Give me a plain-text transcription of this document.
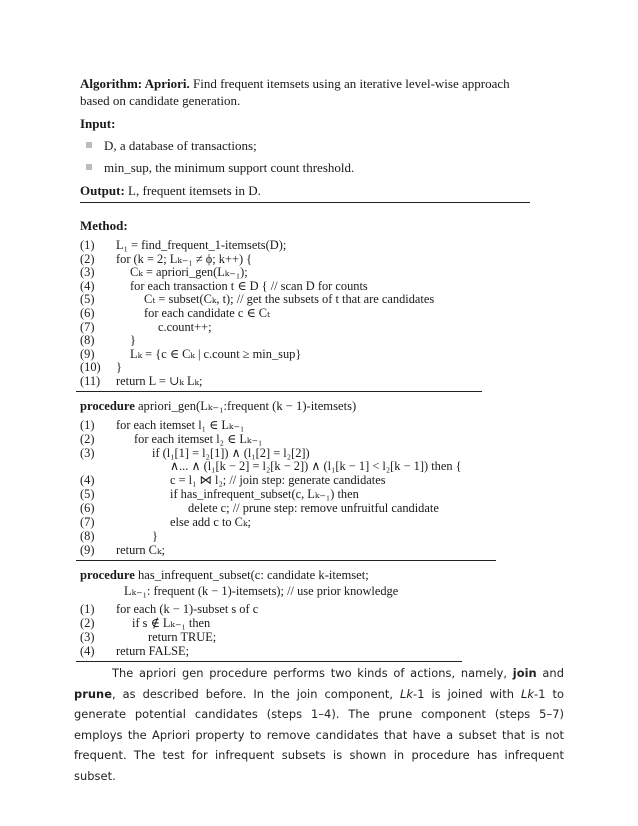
Algorithm: Apriori. Find frequent itemsets using an iterative level-wise approach based on candidate generation.
Input:
D, a database of transactions;
min_sup, the minimum support count threshold.
Output: L, frequent itemsets in D.
Method:
(1) L₁ = find_frequent_1-itemsets(D);
(2) for (k = 2; Lₖ₋₁ ≠ ϕ; k++) {
(3)	Cₖ = apriori_gen(Lₖ₋₁);
(4)	for each transaction t ∈ D { // scan D for counts
(5)	Cₜ = subset(Cₖ, t); // get the subsets of t that are candidates
(6)	for each candidate c ∈ Cₜ
(7)	c.count++;
(8)	}
(9)	Lₖ = {c ∈ Cₖ | c.count ≥ min_sup}
(10) }
(11) return L = ∪ₖ Lₖ;
procedure apriori_gen(Lₖ₋₁:frequent (k − 1)-itemsets)
(1) for each itemset l₁ ∈ Lₖ₋₁
(2)	for each itemset l₂ ∈ Lₖ₋₁
(3)	if (l₁[1] = l₂[1]) ∧ (l₁[2] = l₂[2])
∧... ∧ (l₁[k − 2] = l₂[k − 2]) ∧ (l₁[k − 1] < l₂[k − 1]) then {
(4)	c = l₁ ⋈ l₂; // join step: generate candidates
(5)	if has_infrequent_subset(c, Lₖ₋₁) then
(6)	delete c; // prune step: remove unfruitful candidate
(7)	else add c to Cₖ;
(8)	}
(9) return Cₖ;
procedure has_infrequent_subset(c: candidate k-itemset;
Lₖ₋₁: frequent (k − 1)-itemsets); // use prior knowledge
(1) for each (k − 1)-subset s of c
(2)	if s ∉ Lₖ₋₁ then
(3)	return TRUE;
(4) return FALSE;
The apriori gen procedure performs two kinds of actions, namely, join and prune, as described before. In the join component, Lk-1 is joined with Lk-1 to generate potential candidates (steps 1–4). The prune component (steps 5–7) employs the Apriori property to remove candidates that have a subset that is not frequent. The test for infrequent subsets is shown in procedure has infrequent subset.
